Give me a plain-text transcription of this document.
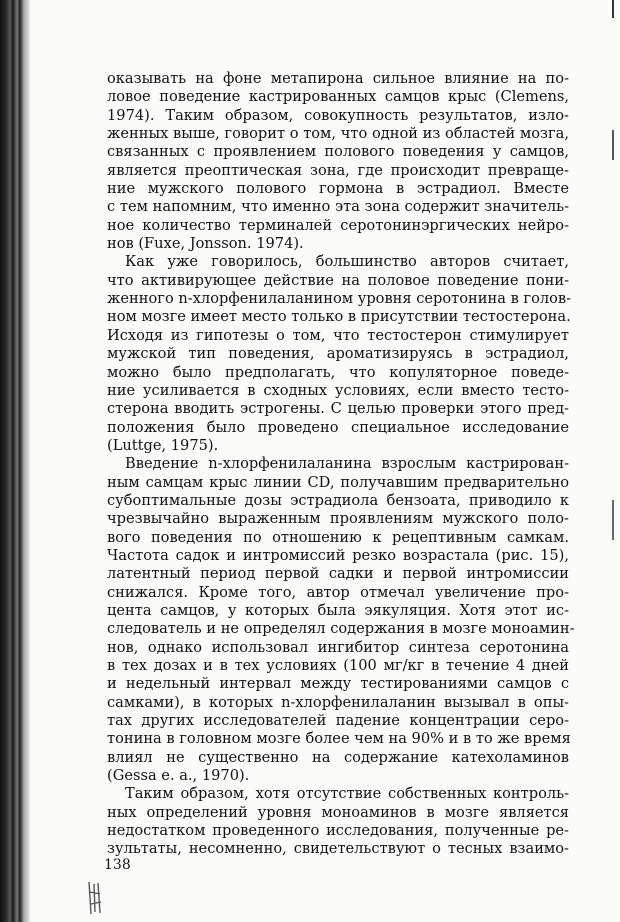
оказывать на фоне метапирона сильное влияние на по-
ловое поведение кастрированных самцов крыс (Clemens,
1974). Таким образом, совокупность результатов, изло-
женных выше, говорит о том, что одной из областей мозга,
связанных с проявлением полового поведения у самцов,
является преоптическая зона, где происходит превраще-
ние мужского полового гормона в эстрадиол. Вместе
с тем напомним, что именно эта зона содержит значитель-
ное количество терминалей серотонинэргических нейро-
нов (Fuxe, Jonsson. 1974).
Как уже говорилось, большинство авторов считает,
что активирующее действие на половое поведение пони-
женного n-хлорфенилаланином уровня серотонина в голов-
ном мозге имеет место только в присутствии тестостерона.
Исходя из гипотезы о том, что тестостерон стимулирует
мужской тип поведения, ароматизируясь в эстрадиол,
можно было предполагать, что копуляторное поведе-
ние усиливается в сходных условиях, если вместо тесто-
стерона вводить эстрогены. С целью проверки этого пред-
положения было проведено специальное исследование
(Luttge, 1975).
Введение n-хлорфенилаланина взрослым кастрирован-
ным самцам крыс линии CD, получавшим предварительно
субоптимальные дозы эстрадиола бензоата, приводило к
чрезвычайно выраженным проявлениям мужского поло-
вого поведения по отношению к рецептивным самкам.
Частота садок и интромиссий резко возрастала (рис. 15),
латентный период первой садки и первой интромиссии
снижался. Кроме того, автор отмечал увеличение про-
цента самцов, у которых была эякуляция. Хотя этот ис-
следователь и не определял содержания в мозге моноамин-
нов, однако использовал ингибитор синтеза серотонина
в тех дозах и в тех условиях (100 мг/кг в течение 4 дней
и недельный интервал между тестированиями самцов с
самками), в которых n-хлорфенилаланин вызывал в опы-
тах других исследователей падение концентрации серо-
тонина в головном мозге более чем на 90% и в то же время
влиял не существенно на содержание катехоламинов
(Gessa e. a., 1970).
Таким образом, хотя отсутствие собственных контроль-
ных определений уровня моноаминов в мозге является
недостатком проведенного исследования, полученные ре-
зультаты, несомненно, свидетельствуют о тесных взаимо-
138
